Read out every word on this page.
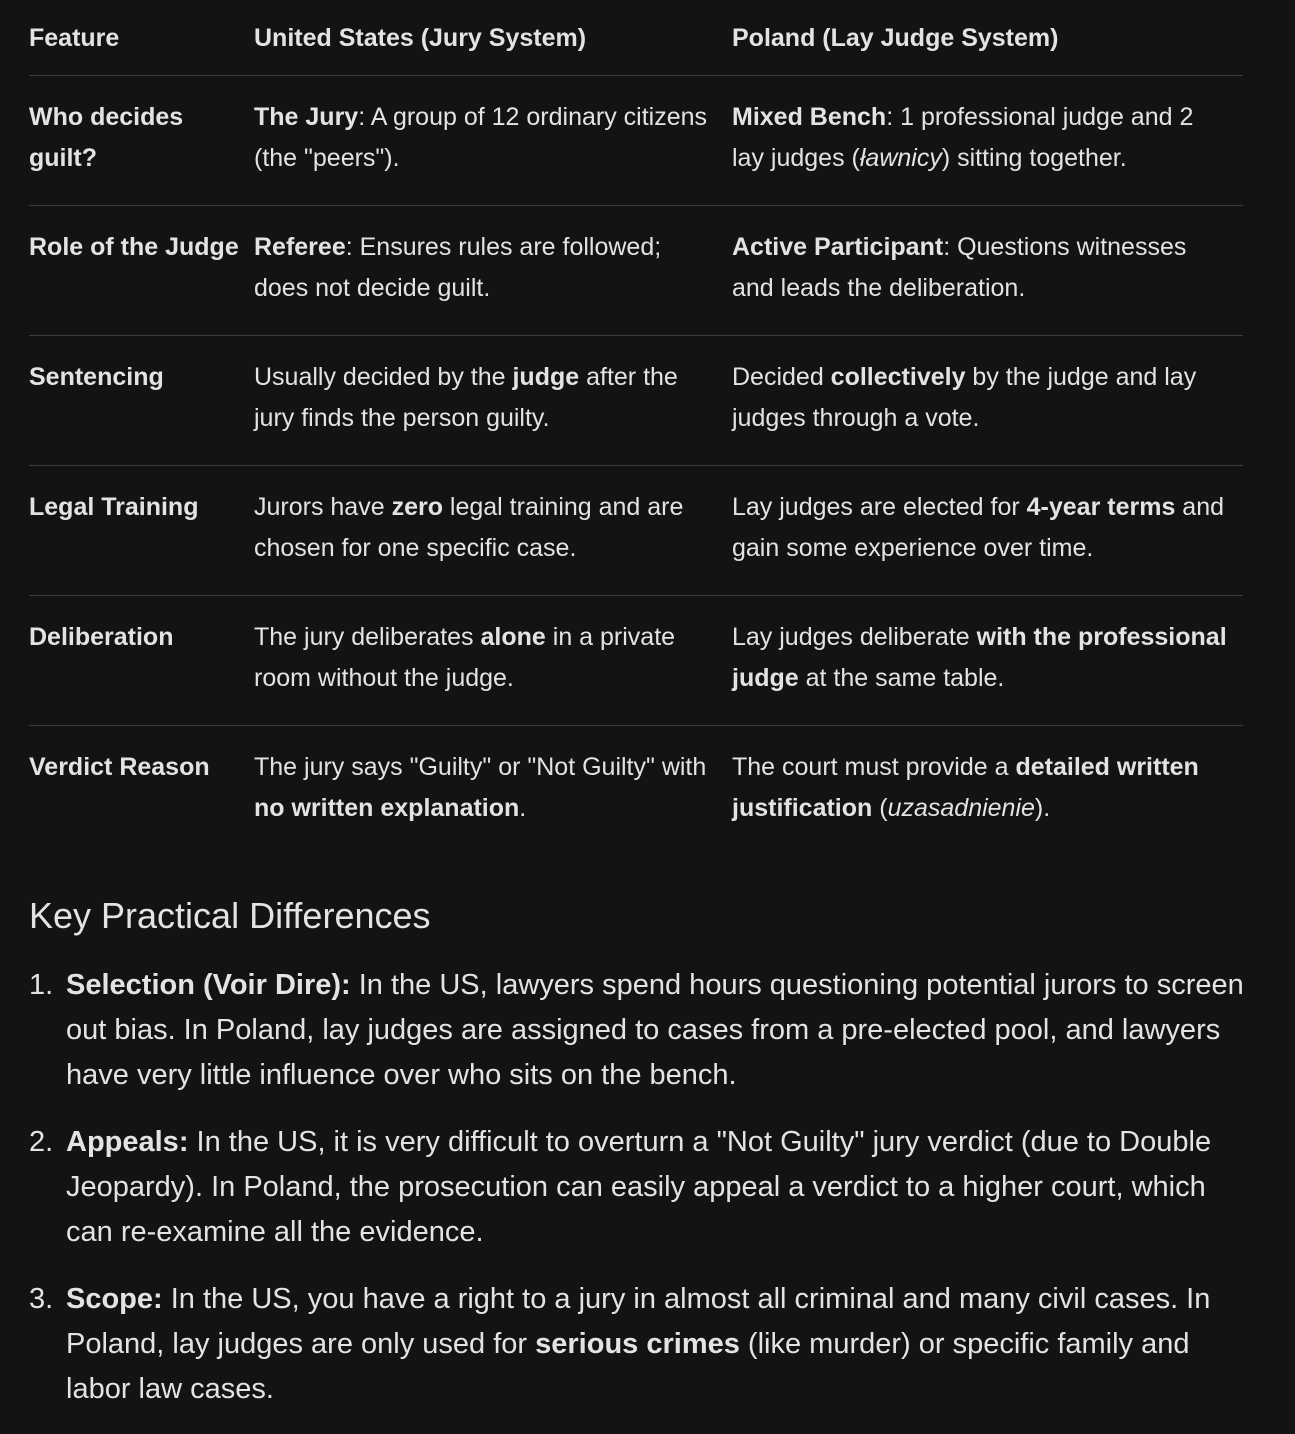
Feature	United States (Jury System)	Poland (Lay Judge System)
Who decides guilt?	The Jury: A group of 12 ordinary citizens (the "peers").	Mixed Bench: 1 professional judge and 2 lay judges (ławnicy) sitting together.
Role of the Judge	Referee: Ensures rules are followed; does not decide guilt.	Active Participant: Questions witnesses and leads the deliberation.
Sentencing	Usually decided by the judge after the jury finds the person guilty.	Decided collectively by the judge and lay judges through a vote.
Legal Training	Jurors have zero legal training and are chosen for one specific case.	Lay judges are elected for 4-year terms and gain some experience over time.
Deliberation	The jury deliberates alone in a private room without the judge.	Lay judges deliberate with the professional judge at the same table.
Verdict Reason	The jury says "Guilty" or "Not Guilty" with no written explanation.	The court must provide a detailed written justification (uzasadnienie).
Key Practical Differences
1. Selection (Voir Dire): In the US, lawyers spend hours questioning potential jurors to screen out bias. In Poland, lay judges are assigned to cases from a pre-elected pool, and lawyers have very little influence over who sits on the bench.
2. Appeals: In the US, it is very difficult to overturn a "Not Guilty" jury verdict (due to Double Jeopardy). In Poland, the prosecution can easily appeal a verdict to a higher court, which can re-examine all the evidence.
3. Scope: In the US, you have a right to a jury in almost all criminal and many civil cases. In Poland, lay judges are only used for serious crimes (like murder) or specific family and labor law cases.
